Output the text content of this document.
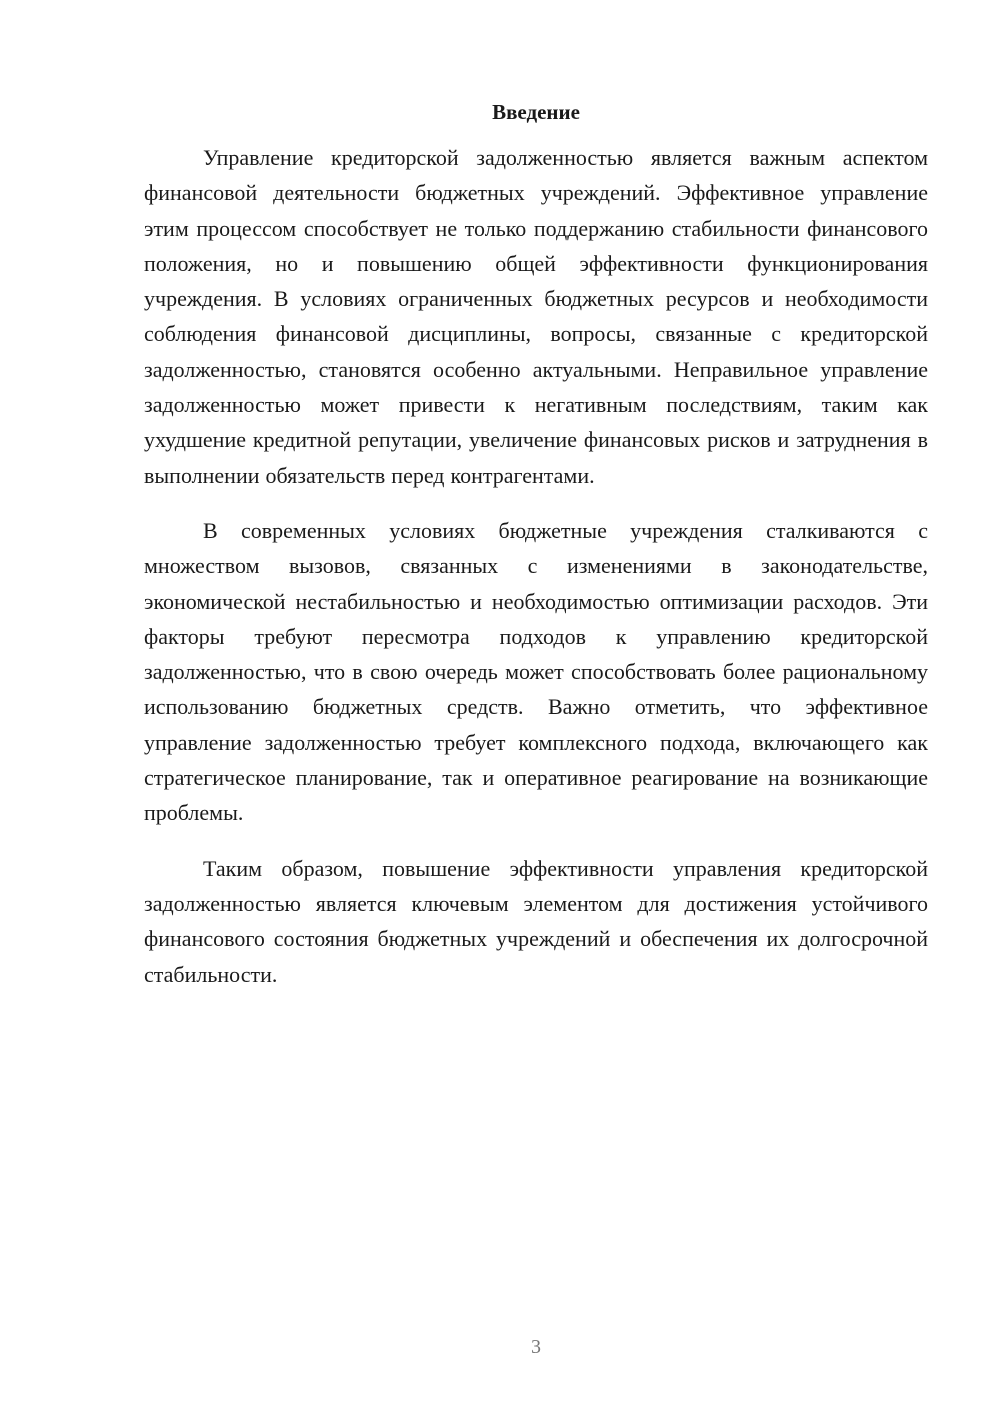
Введение

Управление кредиторской задолженностью является важным аспектом финансовой деятельности бюджетных учреждений. Эффективное управление этим процессом способствует не только поддержанию стабильности финансового положения, но и повышению общей эффективности функционирования учреждения. В условиях ограниченных бюджетных ресурсов и необходимости соблюдения финансовой дисциплины, вопросы, связанные с кредиторской задолженностью, становятся особенно актуальными. Неправильное управление задолженностью может привести к негативным последствиям, таким как ухудшение кредитной репутации, увеличение финансовых рисков и затруднения в выполнении обязательств перед контрагентами.

В современных условиях бюджетные учреждения сталкиваются с множеством вызовов, связанных с изменениями в законодательстве, экономической нестабильностью и необходимостью оптимизации расходов. Эти факторы требуют пересмотра подходов к управлению кредиторской задолженностью, что в свою очередь может способствовать более рациональному использованию бюджетных средств. Важно отметить, что эффективное управление задолженностью требует комплексного подхода, включающего как стратегическое планирование, так и оперативное реагирование на возникающие проблемы.

Таким образом, повышение эффективности управления кредиторской задолженностью является ключевым элементом для достижения устойчивого финансового состояния бюджетных учреждений и обеспечения их долгосрочной стабильности.

3
